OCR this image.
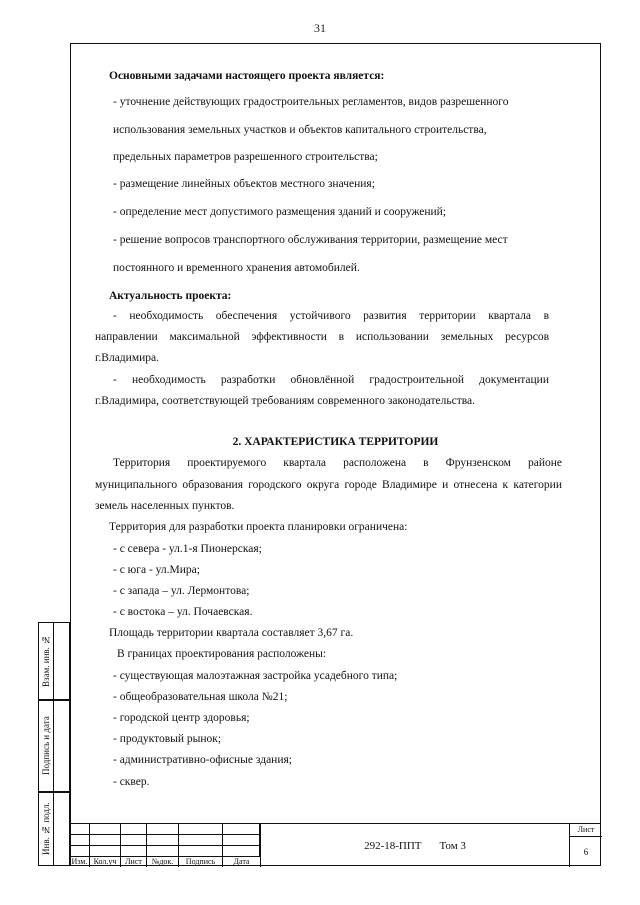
31
Основными задачами настоящего проекта является:
- уточнение действующих градостроительных регламентов, видов разрешенного
использования земельных участков и объектов капитального строительства,
предельных параметров разрешенного строительства;
- размещение линейных объектов местного значения;
- определение мест допустимого размещения зданий и сооружений;
- решение вопросов транспортного обслуживания территории, размещение мест
постоянного и временного хранения автомобилей.
Актуальность проекта:
- необходимость обеспечения устойчивого развития территории квартала в
направлении максимальной эффективности в использовании земельных ресурсов
г.Владимира.
- необходимость разработки обновлённой градостроительной документации
г.Владимира, соответствующей требованиям современного законодательства.
2. ХАРАКТЕРИСТИКА ТЕРРИТОРИИ
Территория проектируемого квартала расположена в Фрунзенском районе
муниципального образования городского округа городе Владимире и отнесена к категории
земель населенных пунктов.
Территория для разработки проекта планировки ограничена:
- с севера - ул.1-я Пионерская;
- с юга - ул.Мира;
- с запада – ул. Лермонтова;
- с востока – ул. Почаевская.
Площадь территории квартала составляет 3,67 га.
В границах проектирования расположены:
- существующая малоэтажная застройка усадебного типа;
- общеобразовательная школа №21;
- городской центр здоровья;
- продуктовый рынок;
- административно-офисные здания;
- сквер.
Взам. инв. №
Подпись и дата
Инв. № подл.
Изм. Кол.уч	Лист	№док.	Подпись	Дата
292-18-ППТ Том 3
Лист
6
